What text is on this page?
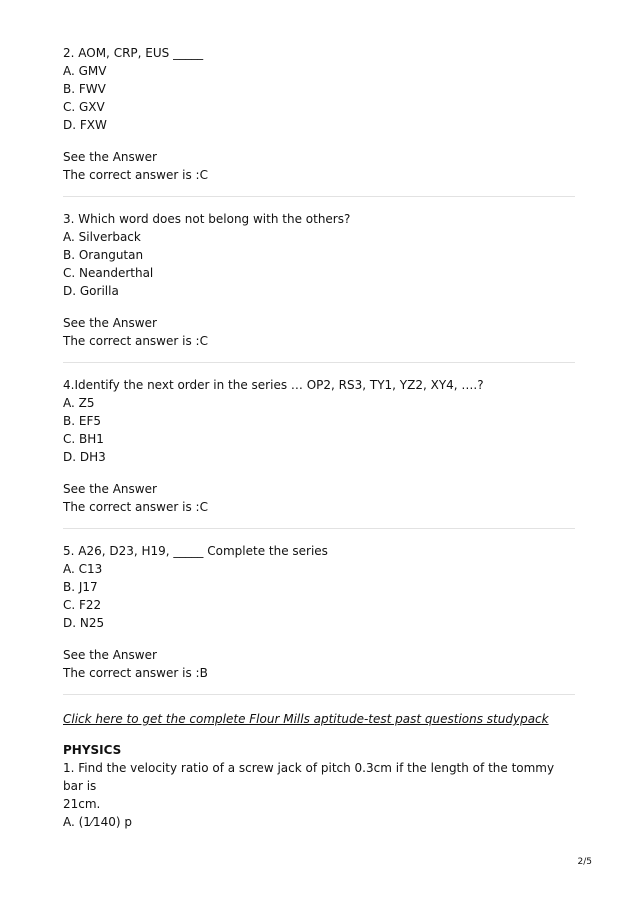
2. AOM, CRP, EUS _____
A. GMV
B. FWV
C. GXV
D. FXW
See the Answer
The correct answer is :C
3. Which word does not belong with the others?
A. Silverback
B. Orangutan
C. Neanderthal
D. Gorilla
See the Answer
The correct answer is :C
4.Identify the next order in the series … OP2, RS3, TY1, YZ2, XY4, ….?
A. Z5
B. EF5
C. BH1
D. DH3
See the Answer
The correct answer is :C
5. A26, D23, H19, _____ Complete the series
A. C13
B. J17
C. F22
D. N25
See the Answer
The correct answer is :B
Click here to get the complete Flour Mills aptitude-test past questions studypack
PHYSICS
1. Find the velocity ratio of a screw jack of pitch 0.3cm if the length of the tommy bar is
21cm.
A. (1⁄140) p
2/5
